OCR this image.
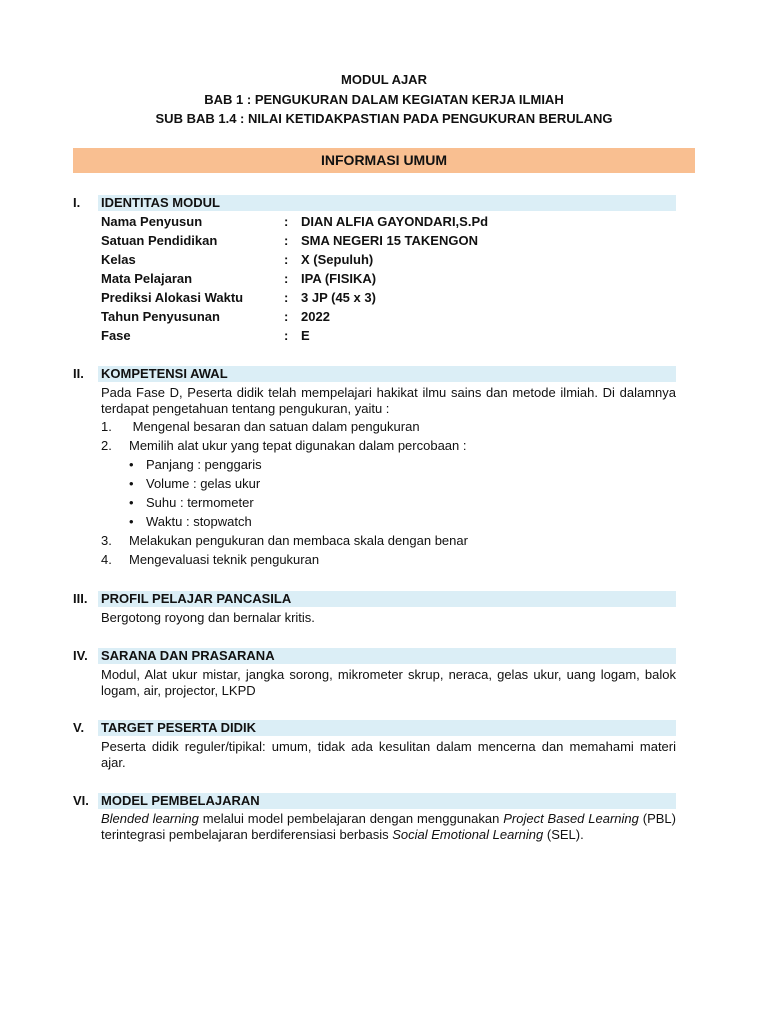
MODUL AJAR
BAB 1 : PENGUKURAN DALAM KEGIATAN KERJA ILMIAH
SUB BAB 1.4 : NILAI KETIDAKPASTIAN PADA PENGUKURAN BERULANG
INFORMASI UMUM
I. IDENTITAS MODUL
Nama Penyusun	: DIAN ALFIA GAYONDARI,S.Pd
Satuan Pendidikan	: SMA NEGERI 15 TAKENGON
Kelas	: X (Sepuluh)
Mata Pelajaran	: IPA (FISIKA)
Prediksi Alokasi Waktu	: 3 JP (45 x 3)
Tahun Penyusunan	: 2022
Fase	: E
II. KOMPETENSI AWAL
Pada Fase D, Peserta didik telah mempelajari hakikat ilmu sains dan metode ilmiah. Di dalamnya terdapat pengetahuan tentang pengukuran, yaitu :
1. Mengenal besaran dan satuan dalam pengukuran
2. Memilih alat ukur yang tepat digunakan dalam percobaan :
• Panjang : penggaris
• Volume : gelas ukur
• Suhu : termometer
• Waktu : stopwatch
3. Melakukan pengukuran dan membaca skala dengan benar
4. Mengevaluasi teknik pengukuran
III. PROFIL PELAJAR PANCASILA
Bergotong royong dan bernalar kritis.
IV. SARANA DAN PRASARANA
Modul, Alat ukur mistar, jangka sorong, mikrometer skrup, neraca, gelas ukur, uang logam, balok logam, air, projector, LKPD
V. TARGET PESERTA DIDIK
Peserta didik reguler/tipikal: umum, tidak ada kesulitan dalam mencerna dan memahami materi ajar.
VI. MODEL PEMBELAJARAN
Blended learning melalui model pembelajaran dengan menggunakan Project Based Learning (PBL) terintegrasi pembelajaran berdiferensiasi berbasis Social Emotional Learning (SEL).
